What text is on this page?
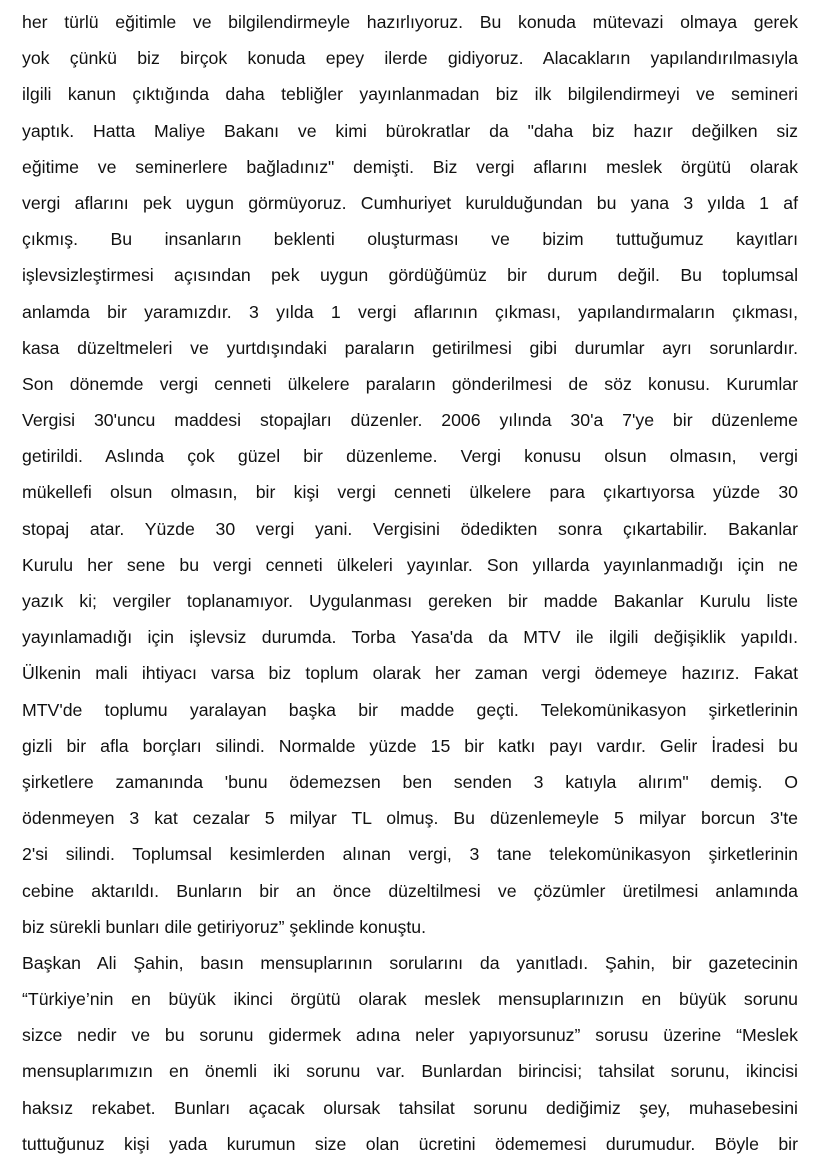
her türlü eğitimle ve bilgilendirmeyle hazırlıyoruz. Bu konuda mütevazi olmaya gerek
yok çünkü biz birçok konuda epey ilerde gidiyoruz. Alacakların yapılandırılmasıyla
ilgili kanun çıktığında daha tebliğler yayınlanmadan biz ilk bilgilendirmeyi ve semineri
yaptık. Hatta Maliye Bakanı ve kimi bürokratlar da "daha biz hazır değilken siz
eğitime ve seminerlere bağladınız" demişti. Biz vergi aflarını meslek örgütü olarak
vergi aflarını pek uygun görmüyoruz. Cumhuriyet kurulduğundan bu yana 3 yılda 1 af
çıkmış. Bu insanların beklenti oluşturması ve bizim tuttuğumuz kayıtları
işlevsizleştirmesi açısından pek uygun gördüğümüz bir durum değil. Bu toplumsal
anlamda bir yaramızdır. 3 yılda 1 vergi aflarının çıkması, yapılandırmaların çıkması,
kasa düzeltmeleri ve yurtdışındaki paraların getirilmesi gibi durumlar ayrı sorunlardır.
Son dönemde vergi cenneti ülkelere paraların gönderilmesi de söz konusu. Kurumlar
Vergisi 30'uncu maddesi stopajları düzenler. 2006 yılında 30'a 7'ye bir düzenleme
getirildi. Aslında çok güzel bir düzenleme. Vergi konusu olsun olmasın, vergi
mükellefi olsun olmasın, bir kişi vergi cenneti ülkelere para çıkartıyorsa yüzde 30
stopaj atar. Yüzde 30 vergi yani. Vergisini ödedikten sonra çıkartabilir. Bakanlar
Kurulu her sene bu vergi cenneti ülkeleri yayınlar. Son yıllarda yayınlanmadığı için ne
yazık ki; vergiler toplanamıyor. Uygulanması gereken bir madde Bakanlar Kurulu liste
yayınlamadığı için işlevsiz durumda. Torba Yasa'da da MTV ile ilgili değişiklik yapıldı.
Ülkenin mali ihtiyacı varsa biz toplum olarak her zaman vergi ödemeye hazırız. Fakat
MTV'de toplumu yaralayan başka bir madde geçti. Telekomünikasyon şirketlerinin
gizli bir afla borçları silindi. Normalde yüzde 15 bir katkı payı vardır. Gelir İradesi bu
şirketlere zamanında 'bunu ödemezsen ben senden 3 katıyla alırım" demiş. O
ödenmeyen 3 kat cezalar 5 milyar TL olmuş. Bu düzenlemeyle 5 milyar borcun 3'te
2'si silindi. Toplumsal kesimlerden alınan vergi, 3 tane telekomünikasyon şirketlerinin
cebine aktarıldı. Bunların bir an önce düzeltilmesi ve çözümler üretilmesi anlamında
biz sürekli bunları dile getiriyoruz” şeklinde konuştu.
Başkan Ali Şahin, basın mensuplarının sorularını da yanıtladı. Şahin, bir gazetecinin
“Türkiye’nin en büyük ikinci örgütü olarak meslek mensuplarınızın en büyük sorunu
sizce nedir ve bu sorunu gidermek adına neler yapıyorsunuz” sorusu üzerine “Meslek
mensuplarımızın en önemli iki sorunu var. Bunlardan birincisi; tahsilat sorunu, ikincisi
haksız rekabet. Bunları açacak olursak tahsilat sorunu dediğimiz şey, muhasebesini
tuttuğunuz kişi yada kurumun size olan ücretini ödememesi durumudur. Böyle bir
